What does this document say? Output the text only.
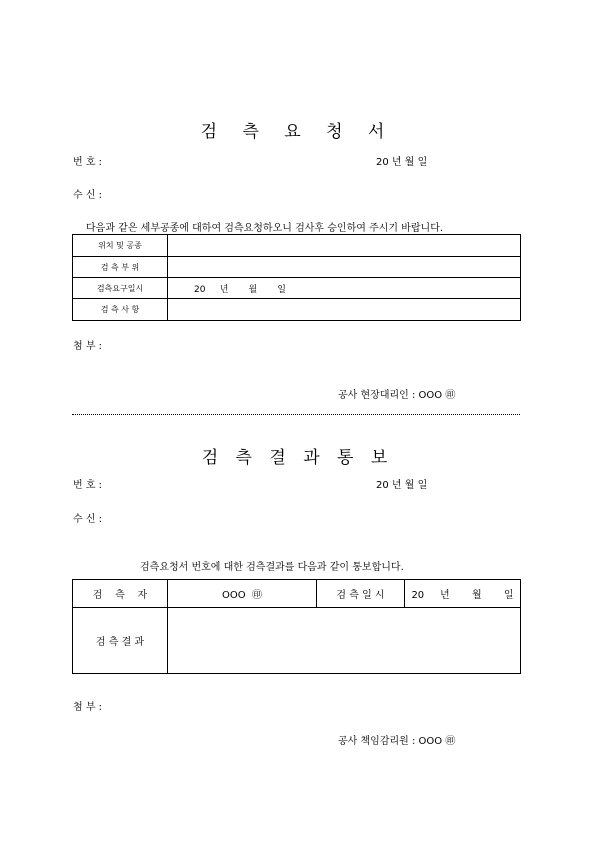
검 측 요 청 서
번 호 :	20 년 월 일
수 신 :
다음과 같은 세부공종에 대하여 검측요청하오니 검사후 승인하여 주시기 바랍니다.
위치 및 공종	
검 측 부 위	
검측요구일시	20     년       월       일
검 측 사 항	
첨 부 :
공사 현장대리인 : OOO ㊞
검 측 결 과 통 보
번 호 :	20 년 월 일
수 신 :
검측요청서 번호에 대한 검측결과를 다음과 같이 통보합니다.
검    측    자	OOO  ㊞	검 측 일 시	20     년       월       일
검 측 결 과			
첨 부 :
공사 책임감리원 : OOO ㊞
